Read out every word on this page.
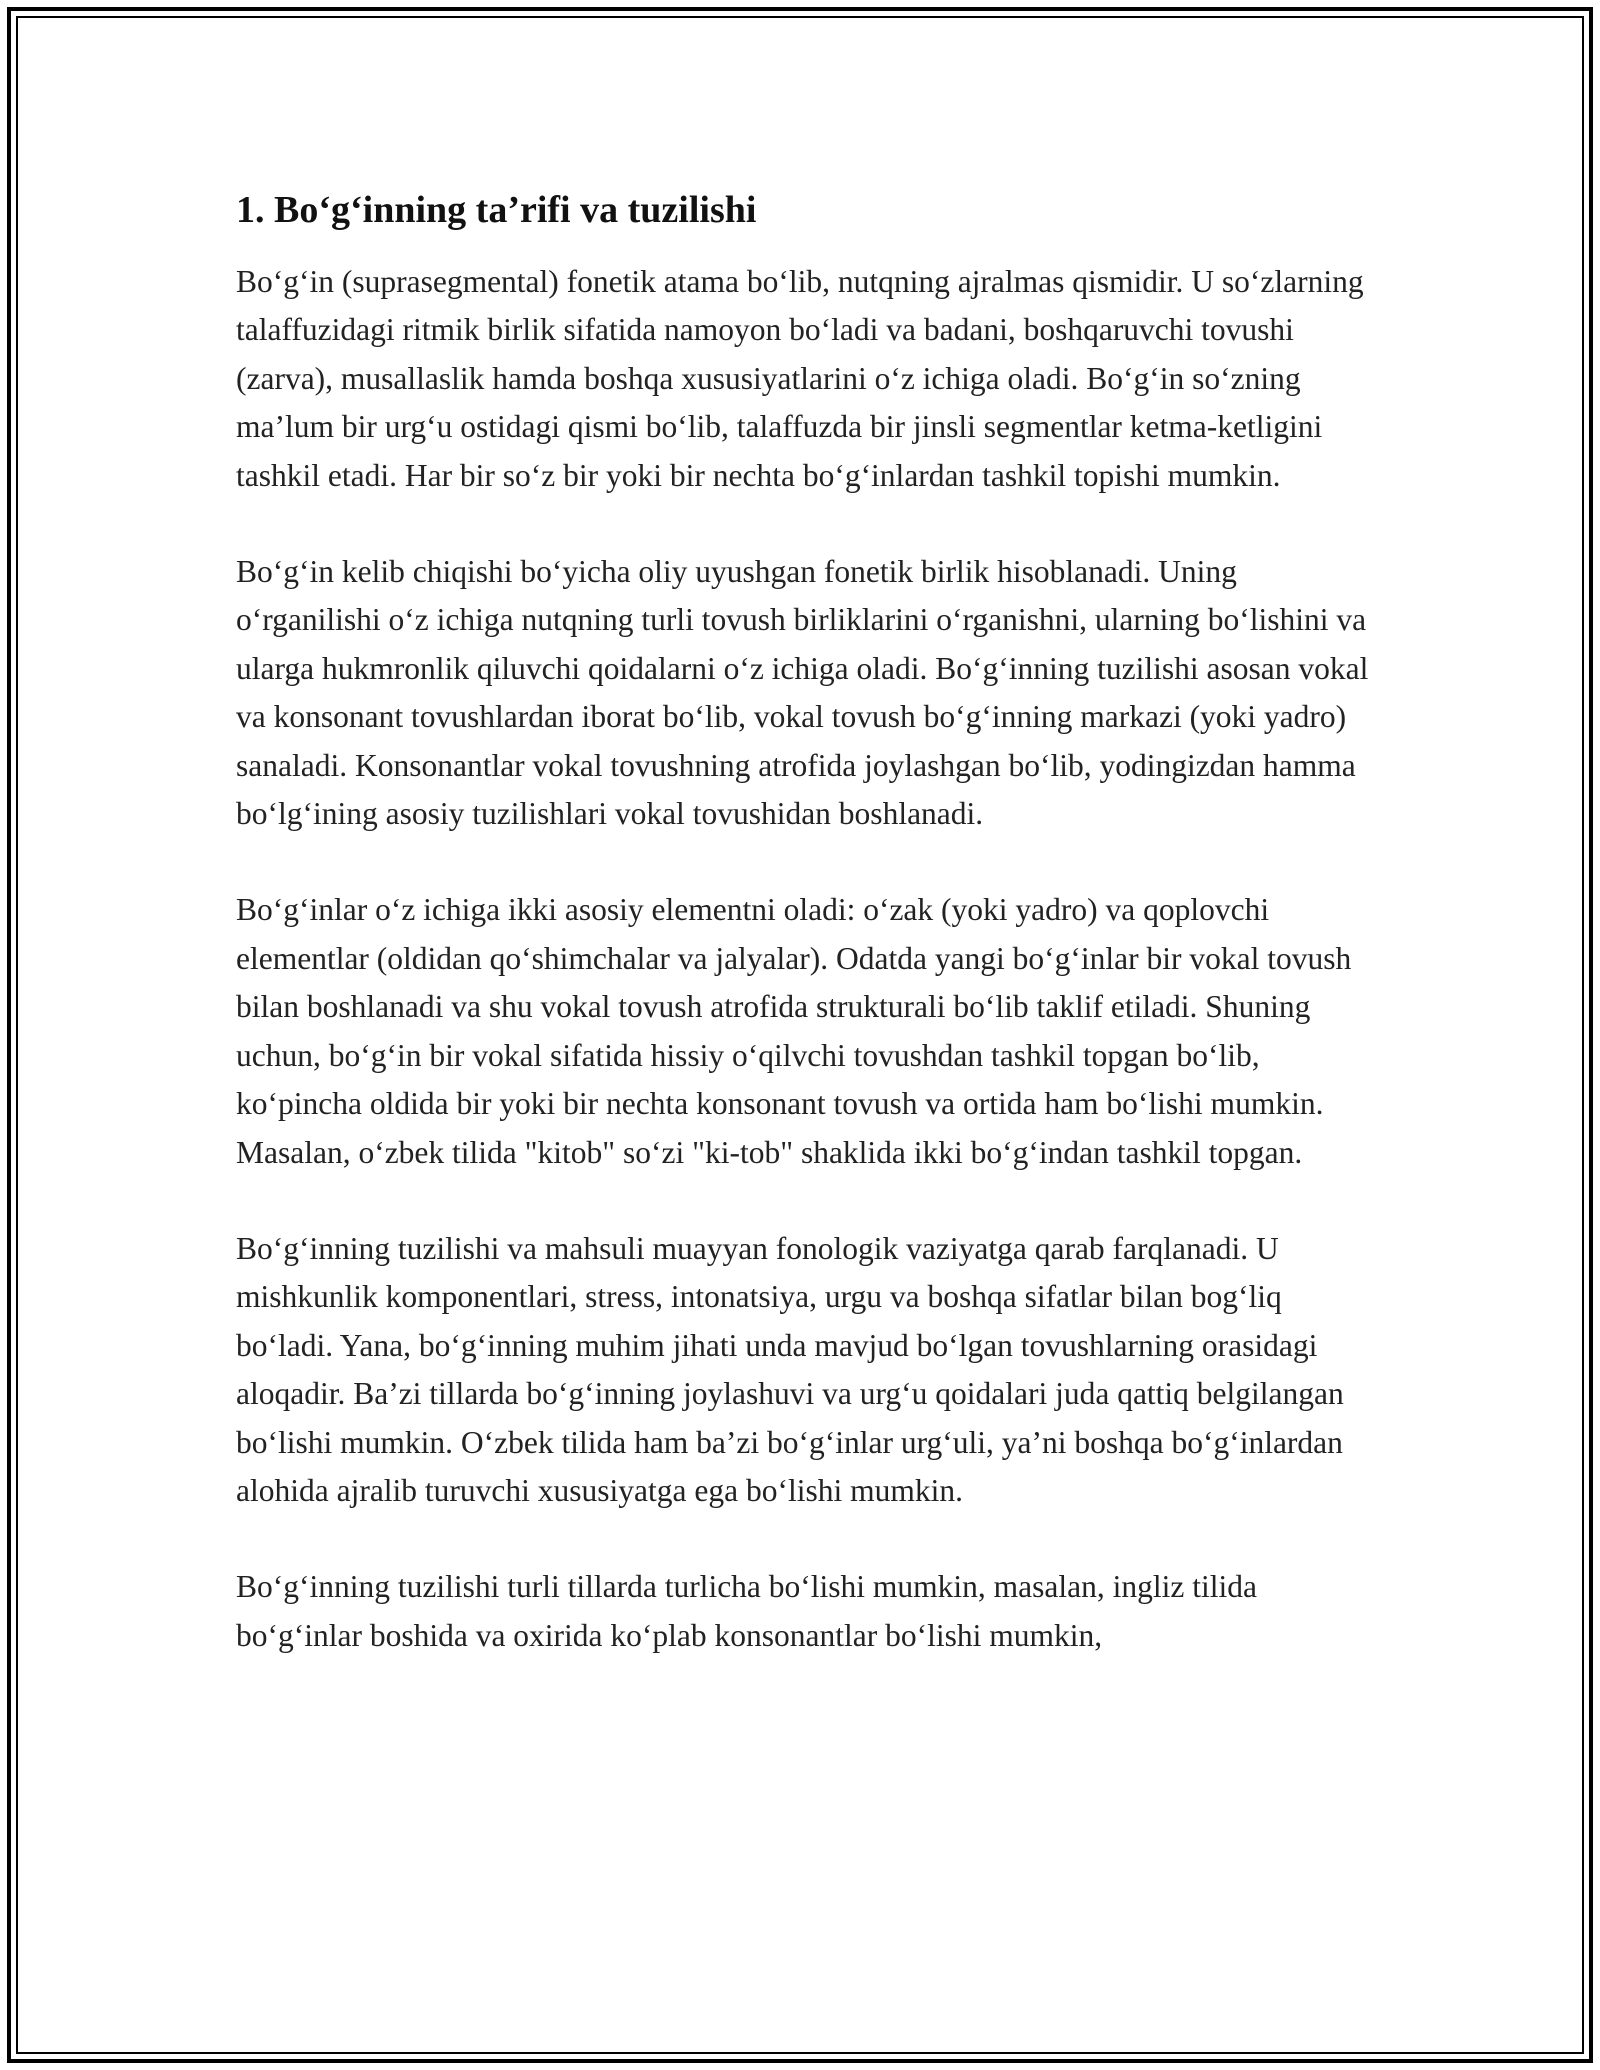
1. Bo‘g‘inning ta’rifi va tuzilishi

Bo‘g‘in (suprasegmental) fonetik atama bo‘lib, nutqning ajralmas qismidir. U so‘zlarning talaffuzidagi ritmik birlik sifatida namoyon bo‘ladi va badani, boshqaruvchi tovushi (zarva), musallaslik hamda boshqa xususiyatlarini o‘z ichiga oladi. Bo‘g‘in so‘zning ma’lum bir urg‘u ostidagi qismi bo‘lib, talaffuzda bir jinsli segmentlar ketma-ketligini tashkil etadi. Har bir so‘z bir yoki bir nechta bo‘g‘inlardan tashkil topishi mumkin.

Bo‘g‘in kelib chiqishi bo‘yicha oliy uyushgan fonetik birlik hisoblanadi. Uning o‘rganilishi o‘z ichiga nutqning turli tovush birliklarini o‘rganishni, ularning bo‘lishini va ularga hukmronlik qiluvchi qoidalarni o‘z ichiga oladi. Bo‘g‘inning tuzilishi asosan vokal va konsonant tovushlardan iborat bo‘lib, vokal tovush bo‘g‘inning markazi (yoki yadro) sanaladi. Konsonantlar vokal tovushning atrofida joylashgan bo‘lib, yodingizdan hamma bo‘lg‘ining asosiy tuzilishlari vokal tovushidan boshlanadi.

Bo‘g‘inlar o‘z ichiga ikki asosiy elementni oladi: o‘zak (yoki yadro) va qoplovchi elementlar (oldidan qo‘shimchalar va jalyalar). Odatda yangi bo‘g‘inlar bir vokal tovush bilan boshlanadi va shu vokal tovush atrofida strukturali bo‘lib taklif etiladi. Shuning uchun, bo‘g‘in bir vokal sifatida hissiy o‘qilvchi tovushdan tashkil topgan bo‘lib, ko‘pincha oldida bir yoki bir nechta konsonant tovush va ortida ham bo‘lishi mumkin. Masalan, o‘zbek tilida "kitob" so‘zi "ki-tob" shaklida ikki bo‘g‘indan tashkil topgan.

Bo‘g‘inning tuzilishi va mahsuli muayyan fonologik vaziyatga qarab farqlanadi. U mishkunlik komponentlari, stress, intonatsiya, urgu va boshqa sifatlar bilan bog‘liq bo‘ladi. Yana, bo‘g‘inning muhim jihati unda mavjud bo‘lgan tovushlarning orasidagi aloqadir. Ba’zi tillarda bo‘g‘inning joylashuvi va urg‘u qoidalari juda qattiq belgilangan bo‘lishi mumkin. O‘zbek tilida ham ba’zi bo‘g‘inlar urg‘uli, ya’ni boshqa bo‘g‘inlardan alohida ajralib turuvchi xususiyatga ega bo‘lishi mumkin.

Bo‘g‘inning tuzilishi turli tillarda turlicha bo‘lishi mumkin, masalan, ingliz tilida bo‘g‘inlar boshida va oxirida ko‘plab konsonantlar bo‘lishi mumkin,
